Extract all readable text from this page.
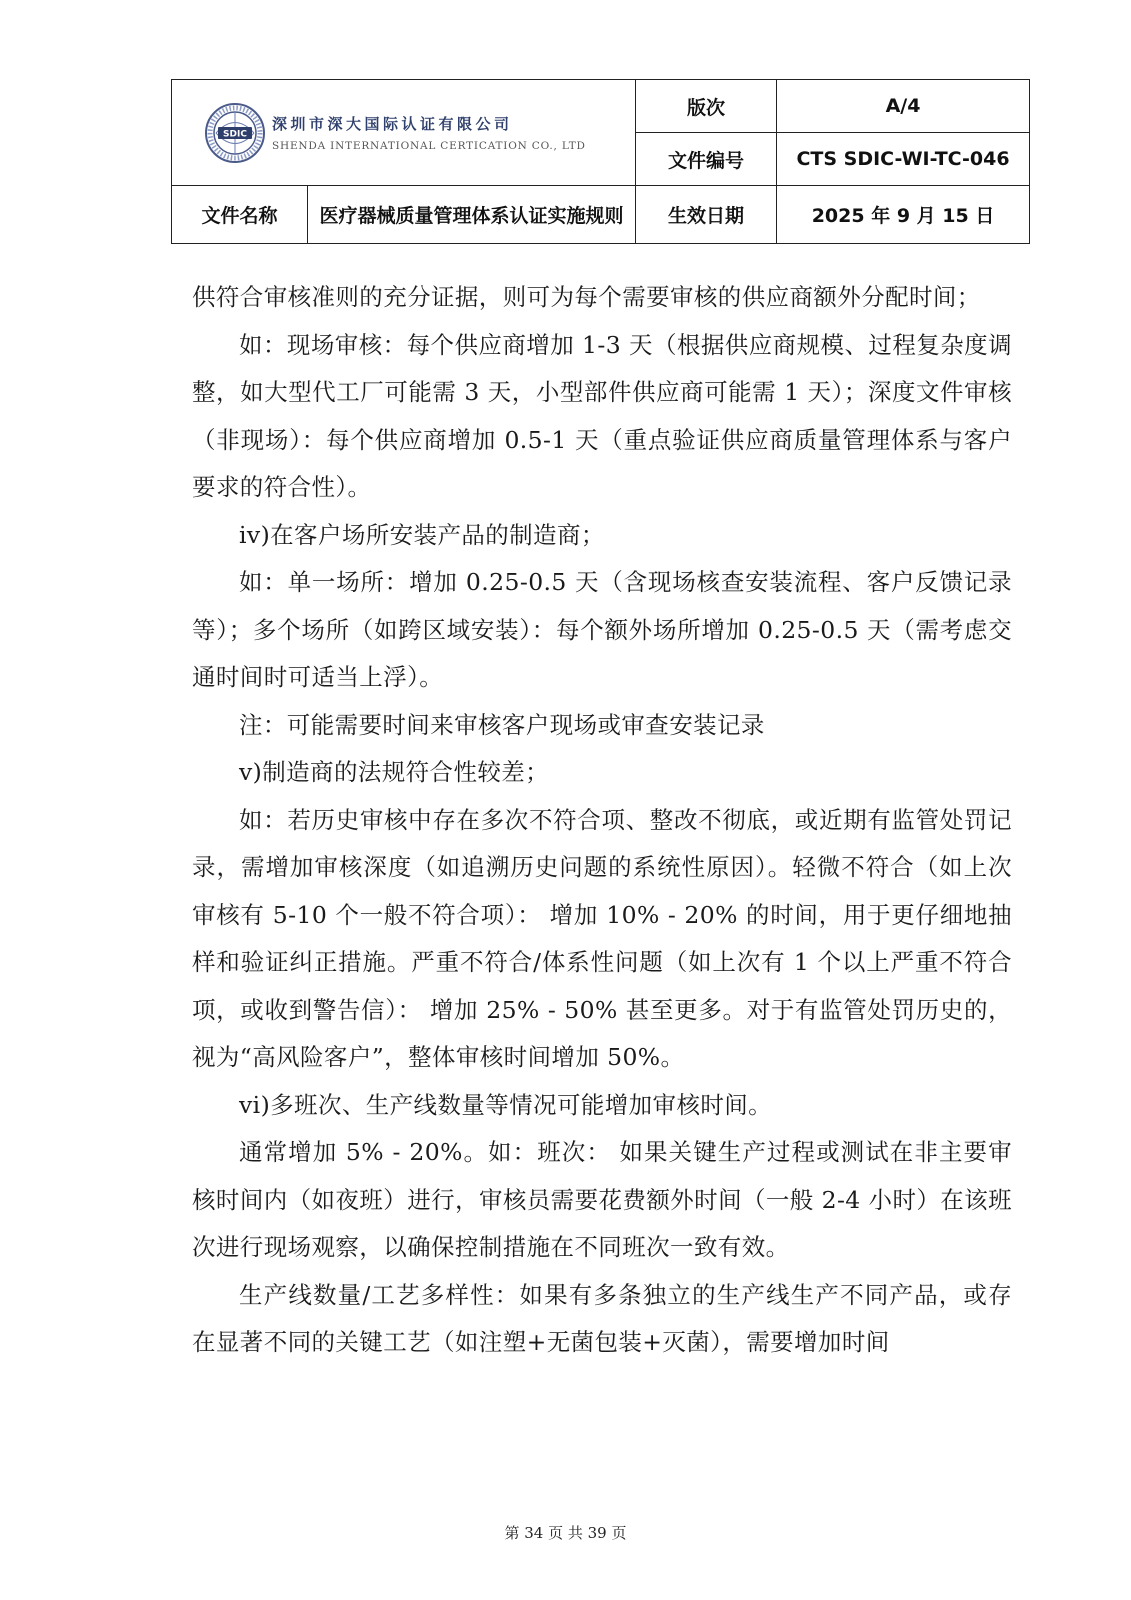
SDIC
深圳市深大国际认证有限公司
SHENDA INTERNATIONAL CERTICATION CO., LTD		版次	A/4
		文件编号	CTS SDIC-WI-TC-046
文件名称	医疗器械质量管理体系认证实施规则	生效日期	2025 年 9 月 15 日

供符合审核准则的充分证据，则可为每个需要审核的供应商额外分配时间；

如：现场审核：每个供应商增加 1-3 天（根据供应商规模、过程复杂度调整，如大型代工厂可能需 3 天，小型部件供应商可能需 1 天）；深度文件审核（非现场）：每个供应商增加 0.5-1 天（重点验证供应商质量管理体系与客户要求的符合性）。

iv)在客户场所安装产品的制造商；

如：单一场所：增加 0.25-0.5 天（含现场核查安装流程、客户反馈记录等）；多个场所（如跨区域安装）：每个额外场所增加 0.25-0.5 天（需考虑交通时间时可适当上浮）。

注：可能需要时间来审核客户现场或审查安装记录

v)制造商的法规符合性较差；

如：若历史审核中存在多次不符合项、整改不彻底，或近期有监管处罚记录，需增加审核深度（如追溯历史问题的系统性原因）。轻微不符合（如上次审核有 5-10 个一般不符合项）： 增加 10% - 20% 的时间，用于更仔细地抽样和验证纠正措施。严重不符合/体系性问题（如上次有 1 个以上严重不符合项，或收到警告信）： 增加 25% - 50% 甚至更多。对于有监管处罚历史的，视为“高风险客户”，整体审核时间增加 50%。

vi)多班次、生产线数量等情况可能增加审核时间。

通常增加 5% - 20%。如：班次： 如果关键生产过程或测试在非主要审核时间内（如夜班）进行，审核员需要花费额外时间（一般 2-4 小时）在该班次进行现场观察，以确保控制措施在不同班次一致有效。

生产线数量/工艺多样性：如果有多条独立的生产线生产不同产品，或存在显著不同的关键工艺（如注塑+无菌包装+灭菌），需要增加时间

第 34 页 共 39 页
